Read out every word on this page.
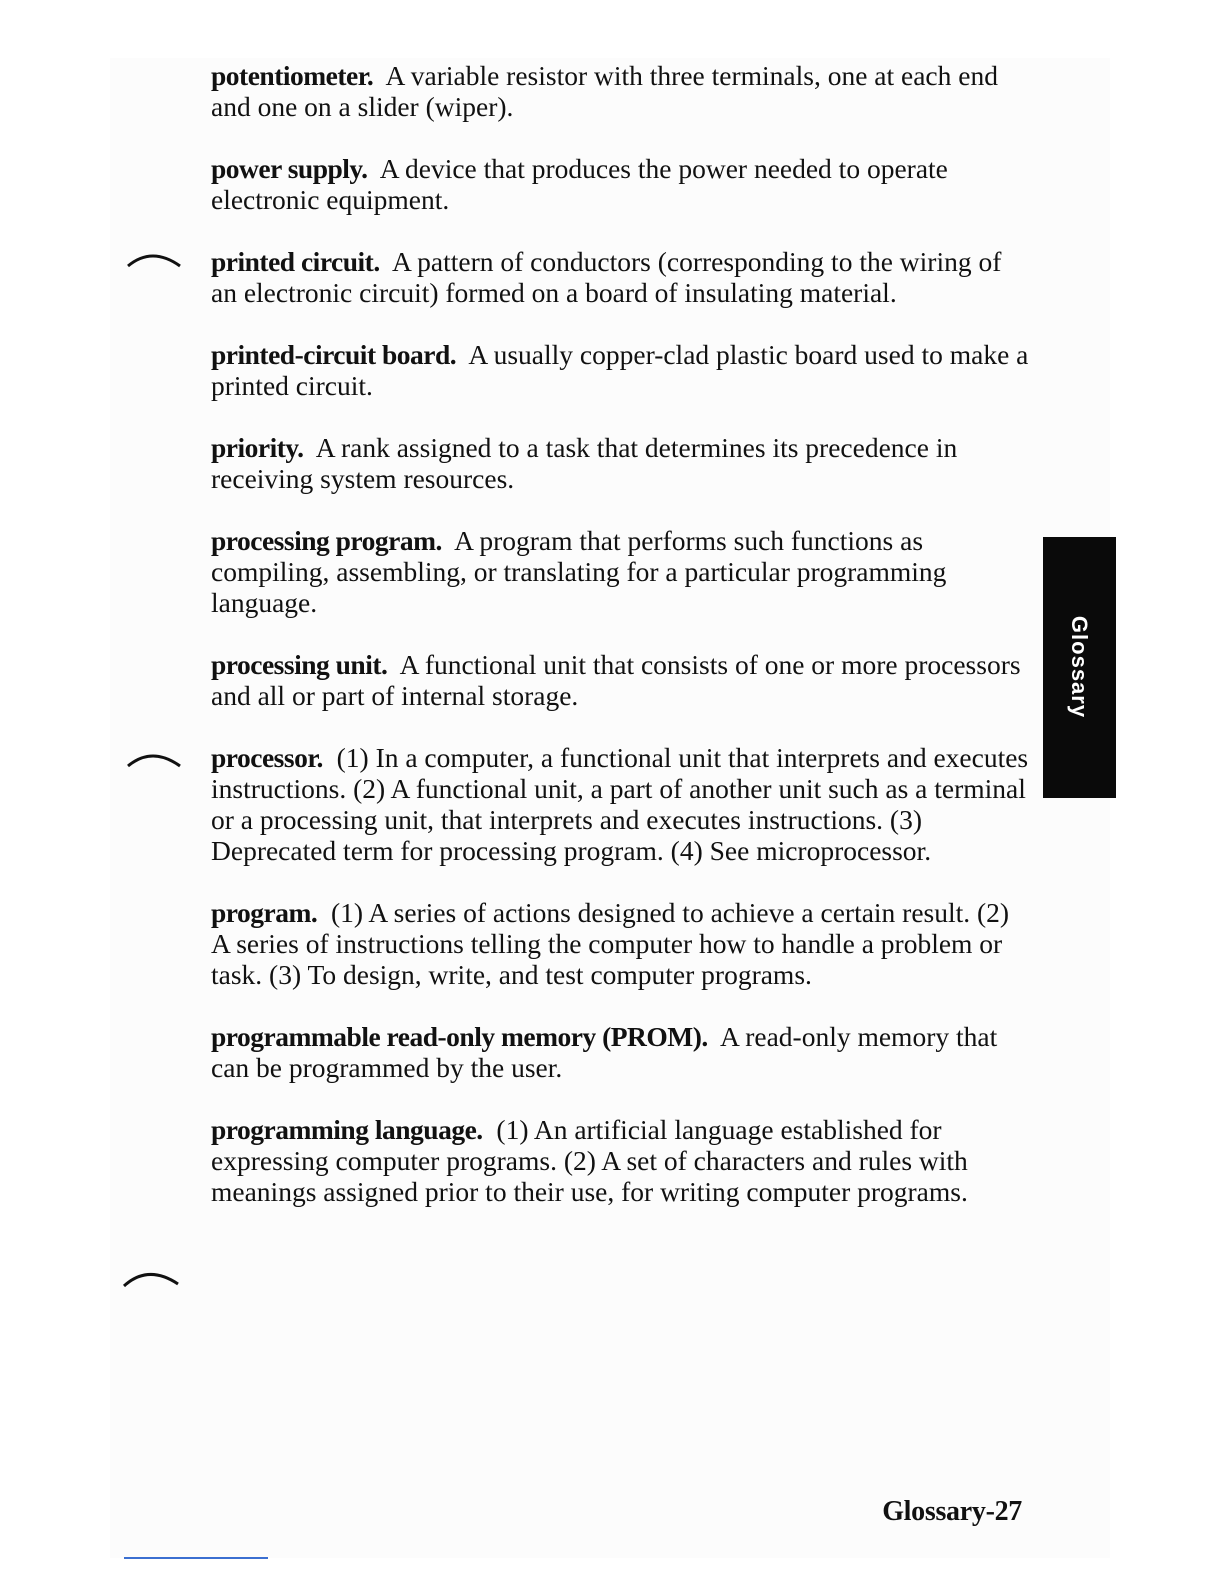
potentiometer. A variable resistor with three terminals, one at each end and one on a slider (wiper).

power supply. A device that produces the power needed to operate electronic equipment.

printed circuit. A pattern of conductors (corresponding to the wiring of an electronic circuit) formed on a board of insulating material.

printed-circuit board. A usually copper-clad plastic board used to make a printed circuit.

priority. A rank assigned to a task that determines its precedence in receiving system resources.

processing program. A program that performs such functions as compiling, assembling, or translating for a particular programming language.

processing unit. A functional unit that consists of one or more processors and all or part of internal storage.

processor. (1) In a computer, a functional unit that interprets and executes instructions. (2) A functional unit, a part of another unit such as a terminal or a processing unit, that interprets and executes instructions. (3) Deprecated term for processing program. (4) See microprocessor.

program. (1) A series of actions designed to achieve a certain result. (2) A series of instructions telling the computer how to handle a problem or task. (3) To design, write, and test computer programs.

programmable read-only memory (PROM). A read-only memory that can be programmed by the user.

programming language. (1) An artificial language established for expressing computer programs. (2) A set of characters and rules with meanings assigned prior to their use, for writing computer programs.

Glossary
Glossary-27
